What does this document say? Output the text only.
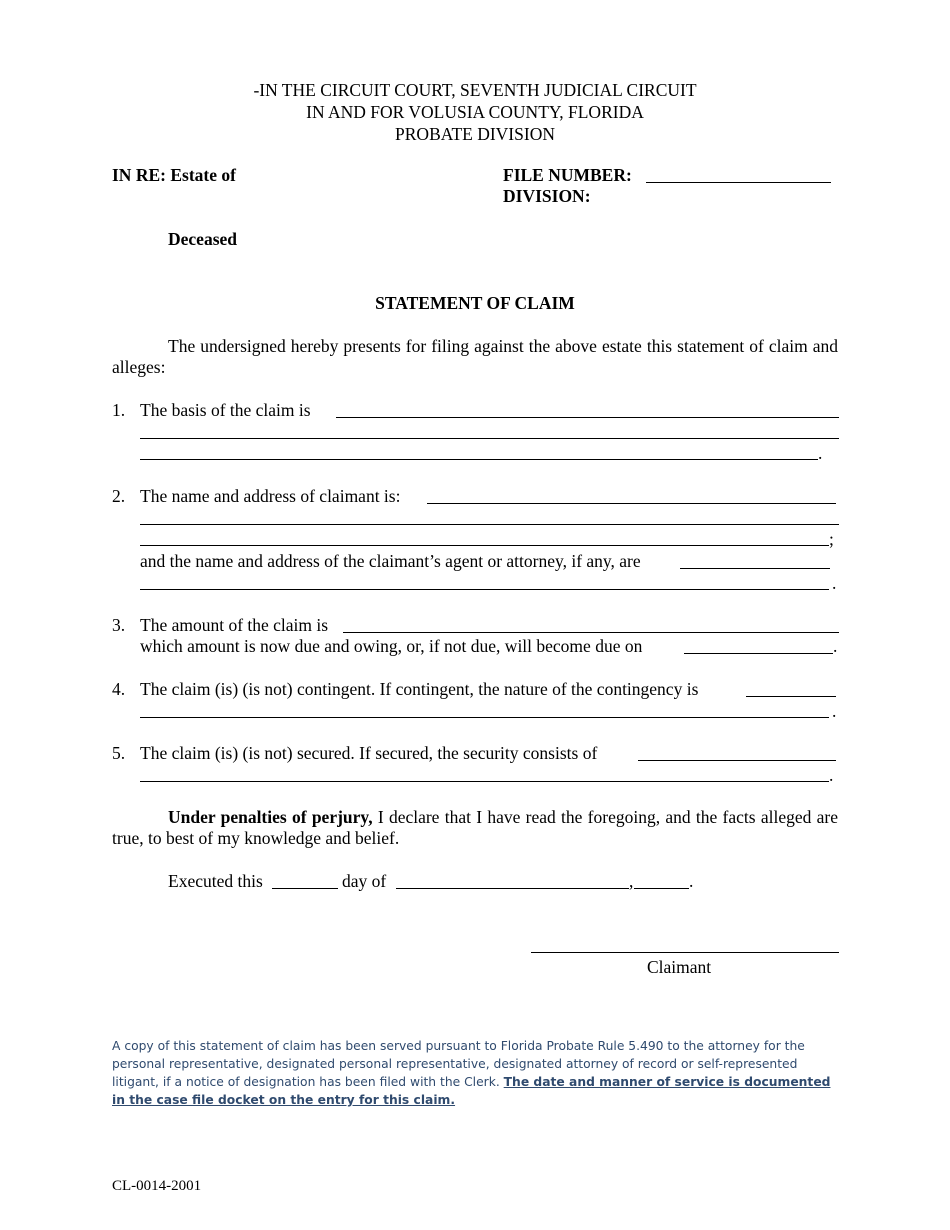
-IN THE CIRCUIT COURT, SEVENTH JUDICIAL CIRCUIT
IN AND FOR VOLUSIA COUNTY, FLORIDA
PROBATE DIVISION
IN RE: Estate of	FILE NUMBER:
DIVISION:
Deceased
STATEMENT OF CLAIM
The undersigned hereby presents for filing against the above estate this statement of claim and alleges:
1. The basis of the claim is
.
2. The name and address of claimant is:
;
and the name and address of the claimant’s agent or attorney, if any, are
.
3. The amount of the claim is
which amount is now due and owing, or, if not due, will become due on	.
4. The claim (is) (is not) contingent. If contingent, the nature of the contingency is
.
5. The claim (is) (is not) secured. If secured, the security consists of
.
Under penalties of perjury, I declare that I have read the foregoing, and the facts alleged are true, to best of my knowledge and belief.
Executed this	day of	,	.
Claimant
A copy of this statement of claim has been served pursuant to Florida Probate Rule 5.490 to the attorney for the personal representative, designated personal representative, designated attorney of record or self-represented litigant, if a notice of designation has been filed with the Clerk. The date and manner of service is documented in the case file docket on the entry for this claim.
CL-0014-2001
